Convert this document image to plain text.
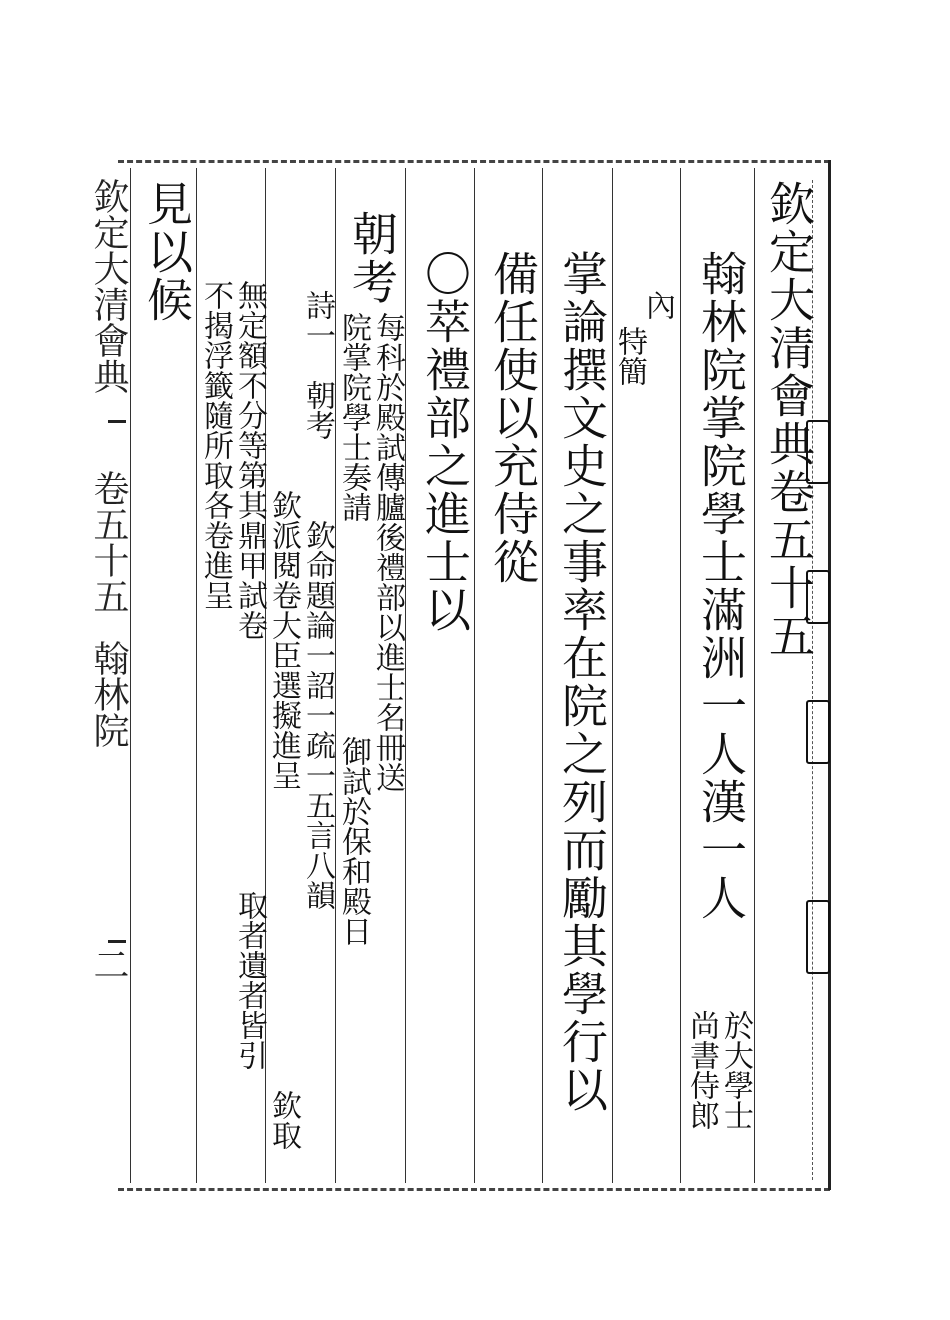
欽定大清會典
卷五十五
翰林院
二
欽定大清會典卷五十五
翰林院掌院學士滿洲一人漢一人
於大學士
尚書侍郎
內
特簡
掌論撰文史之事率在院之列而勵其學行以
備任使以充侍從
〇萃禮部之進士以
朝考
每科於殿試傳臚後禮部以進士名冊送
院掌院學士奏請
御試於保和殿日
詩一
朝考
欽命題論一詔一疏一五言八韻
欽派閱卷大臣選擬進呈
欽取
無定額不分等第其鼎甲試卷
取者遺者皆引
不揭浮籤隨所取各卷進呈
見以候
